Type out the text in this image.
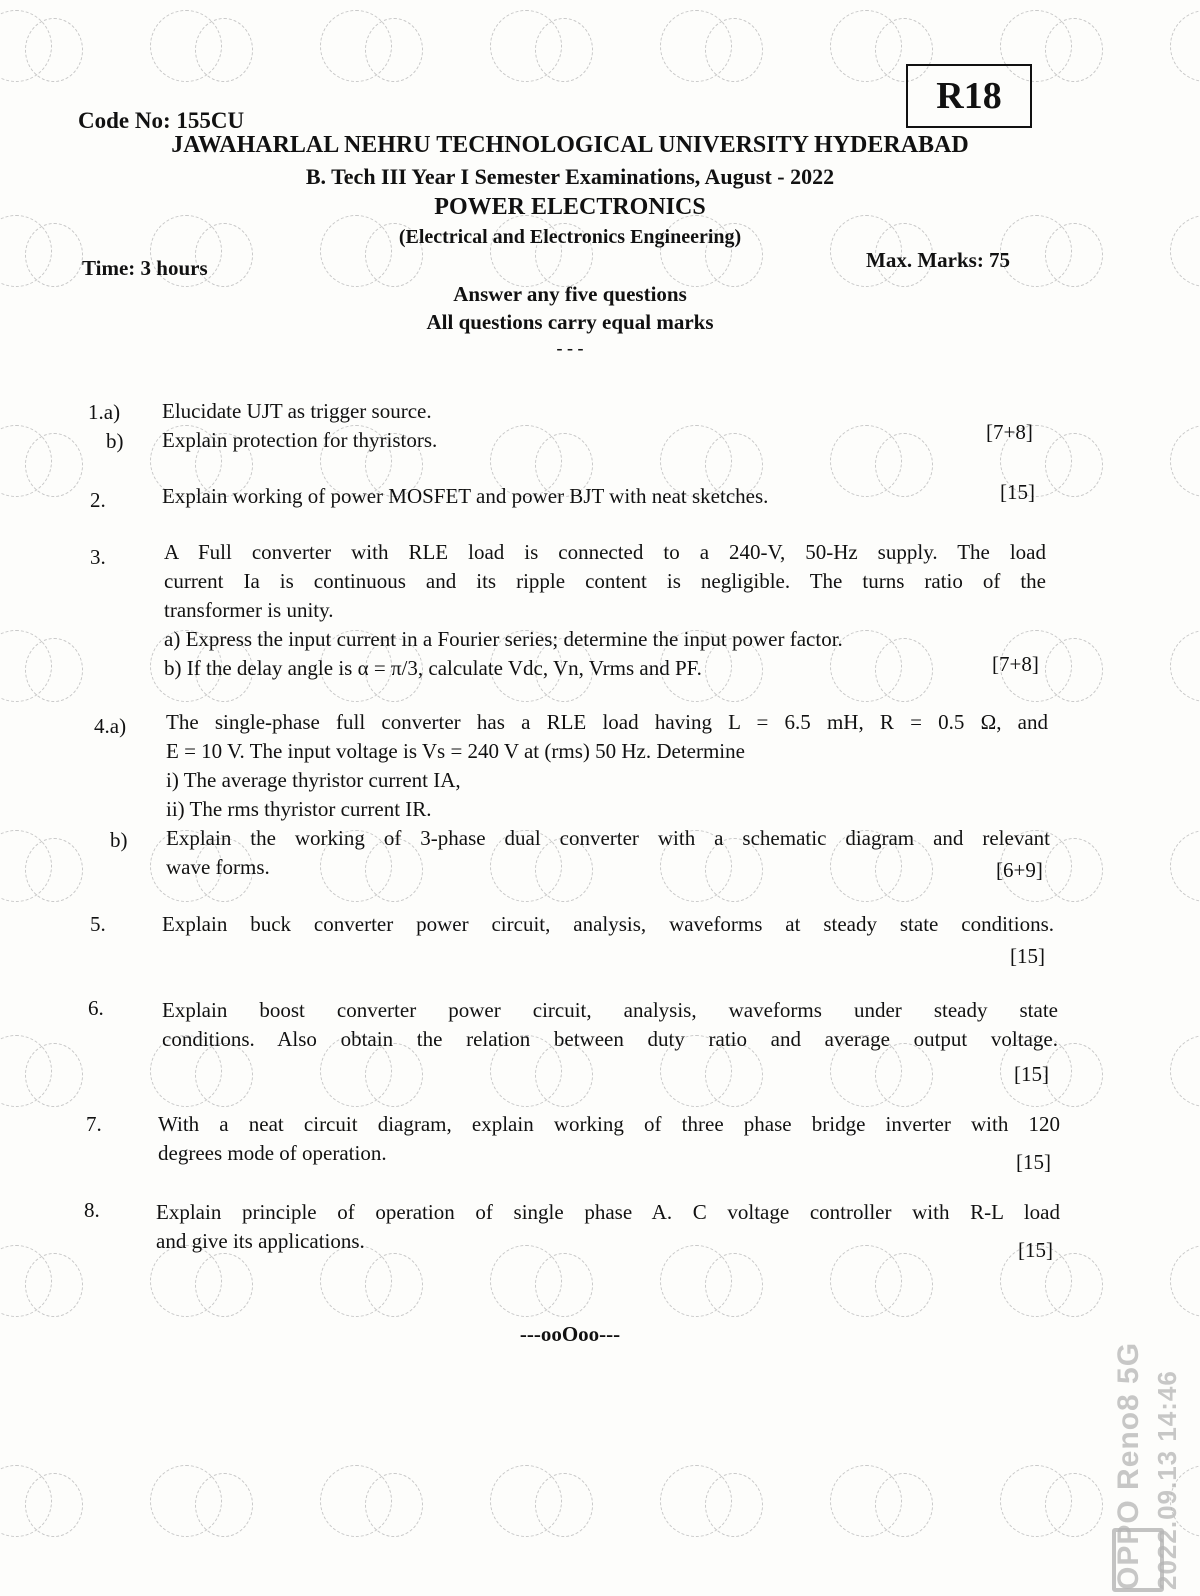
R18
Code No: 155CU
JAWAHARLAL NEHRU TECHNOLOGICAL UNIVERSITY HYDERABAD
B. Tech III Year I Semester Examinations, August - 2022
POWER ELECTRONICS
(Electrical and Electronics Engineering)
Time: 3 hours	Max. Marks: 75
Answer any five questions
All questions carry equal marks
- - -
1.a) Elucidate UJT as trigger source.
b) Explain protection for thyristors.	[7+8]
2.	Explain working of power MOSFET and power BJT with neat sketches.	[15]
3.	A Full converter with RLE load is connected to a 240-V, 50-Hz supply. The load
current Ia is continuous and its ripple content is negligible. The turns ratio of the
transformer is unity.
a) Express the input current in a Fourier series; determine the input power factor.
b) If the delay angle is α = π/3, calculate Vdc, Vn, Vrms and PF.	[7+8]
4.a) The single-phase full converter has a RLE load having L = 6.5 mH, R = 0.5 Ω, and
E = 10 V. The input voltage is Vs = 240 V at (rms) 50 Hz. Determine
i) The average thyristor current IA,
ii) The rms thyristor current IR.
b) Explain the working of 3-phase dual converter with a schematic diagram and relevant
wave forms.	[6+9]
5.	Explain buck converter power circuit, analysis, waveforms at steady state conditions.
[15]
6.	Explain boost converter power circuit, analysis, waveforms under steady state
conditions. Also obtain the relation between duty ratio and average output voltage.
[15]
7.	With a neat circuit diagram, explain working of three phase bridge inverter with 120
degrees mode of operation.	[15]
8.	Explain principle of operation of single phase A. C voltage controller with R-L load
and give its applications.	[15]
---ooOoo---
OPPO Reno8 5G 2022.09.13 14:46
